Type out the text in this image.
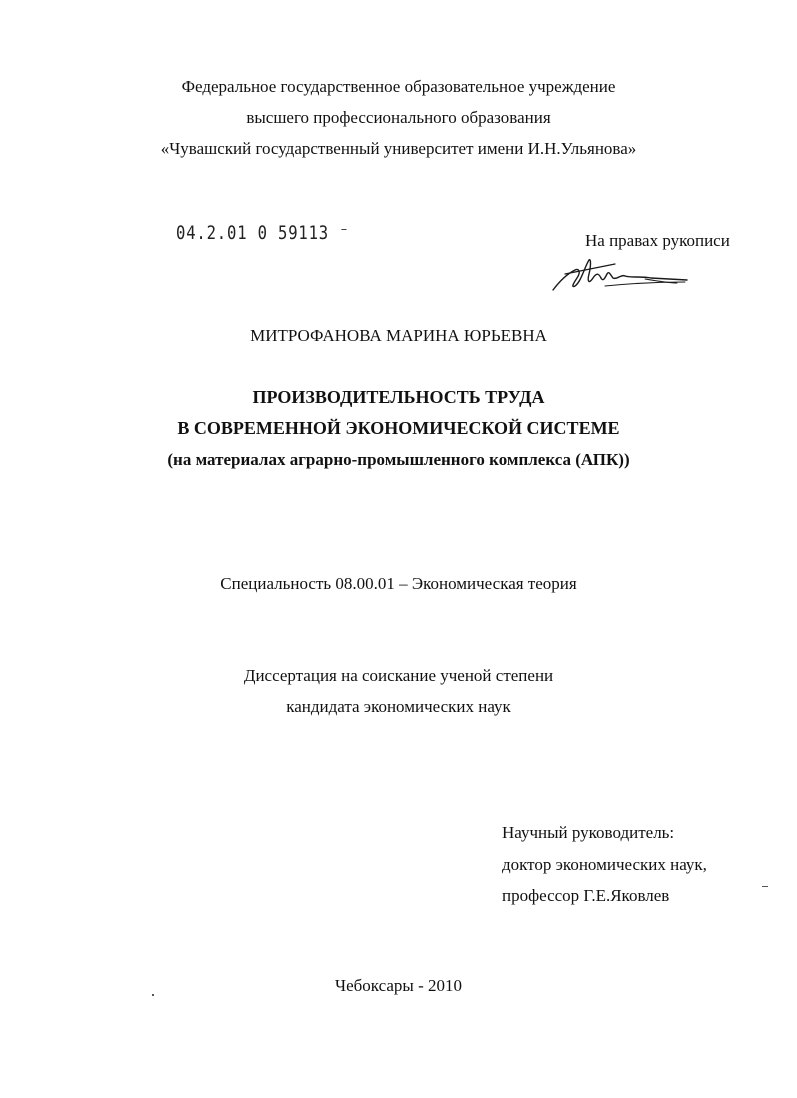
Федеральное государственное образовательное учреждение
высшего профессионального образования
«Чувашский государственный университет имени И.Н.Ульянова»
04.2.01 0 59113 ⁻	На правах рукописи
МИТРОФАНОВА МАРИНА ЮРЬЕВНА
ПРОИЗВОДИТЕЛЬНОСТЬ ТРУДА
В СОВРЕМЕННОЙ ЭКОНОМИЧЕСКОЙ СИСТЕМЕ
(на материалах аграрно-промышленного комплекса (АПК))
Специальность 08.00.01 – Экономическая теория
Диссертация на соискание ученой степени
кандидата экономических наук
Научный руководитель:
доктор экономических наук,
профессор Г.Е.Яковлев
Чебоксары - 2010
